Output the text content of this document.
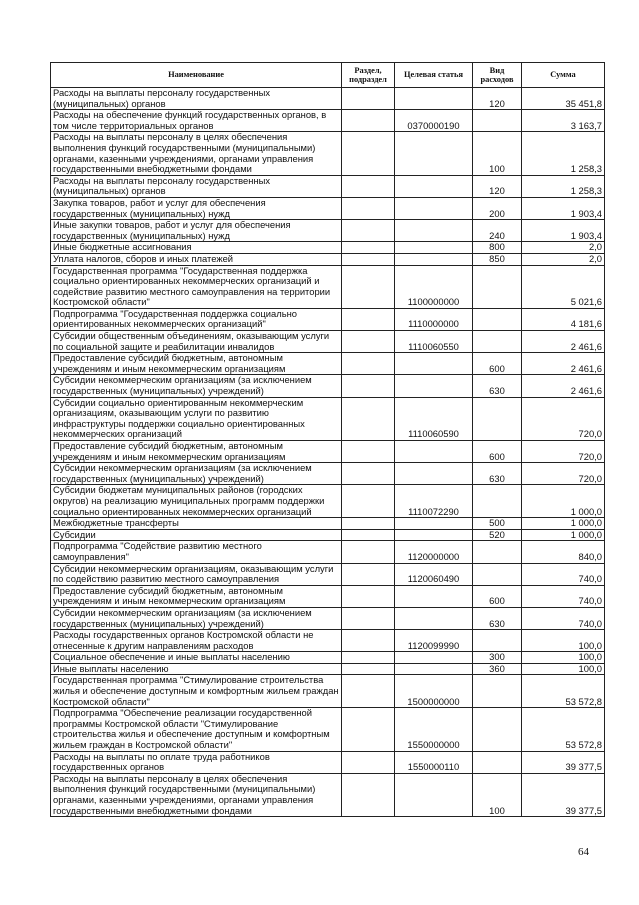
Наименование	Раздел, подраздел	Целевая статья	Вид расходов	Сумма
Расходы на выплаты персоналу государственных (муниципальных) органов			120	35 451,8
Расходы на обеспечение функций государственных органов, в том числе территориальных органов		0370000190		3 163,7
Расходы на выплаты персоналу в целях обеспечения выполнения функций государственными (муниципальными) органами, казенными учреждениями, органами управления государственными внебюджетными фондами			100	1 258,3
Расходы на выплаты персоналу государственных (муниципальных) органов			120	1 258,3
Закупка товаров, работ и услуг для обеспечения государственных (муниципальных) нужд			200	1 903,4
Иные закупки товаров, работ и услуг для обеспечения государственных (муниципальных) нужд			240	1 903,4
Иные бюджетные ассигнования			800	2,0
Уплата налогов, сборов и иных платежей			850	2,0
Государственная программа "Государственная поддержка социально ориентированных некоммерческих организаций и содействие развитию местного самоуправления на территории Костромской области"		1100000000		5 021,6
Подпрограмма "Государственная поддержка социально ориентированных некоммерческих организаций"		1110000000		4 181,6
Субсидии общественным объединениям, оказывающим услуги по социальной защите и реабилитации инвалидов		1110060550		2 461,6
Предоставление субсидий бюджетным, автономным учреждениям и иным некоммерческим организациям			600	2 461,6
Субсидии некоммерческим организациям (за исключением государственных (муниципальных) учреждений)			630	2 461,6
Субсидии социально ориентированным некоммерческим организациям, оказывающим услуги по развитию инфраструктуры поддержки социально ориентированных некоммерческих организаций		1110060590		720,0
Предоставление субсидий бюджетным, автономным учреждениям и иным некоммерческим организациям			600	720,0
Субсидии некоммерческим организациям (за исключением государственных (муниципальных) учреждений)			630	720,0
Субсидии бюджетам муниципальных районов (городских округов) на реализацию муниципальных программ поддержки социально ориентированных некоммерческих организаций		1110072290		1 000,0
Межбюджетные трансферты			500	1 000,0
Субсидии			520	1 000,0
Подпрограмма "Содействие развитию местного самоуправления"		1120000000		840,0
Субсидии некоммерческим организациям, оказывающим услуги по содействию развитию местного самоуправления		1120060490		740,0
Предоставление субсидий бюджетным, автономным учреждениям и иным некоммерческим организациям			600	740,0
Субсидии некоммерческим организациям (за исключением государственных (муниципальных) учреждений)			630	740,0
Расходы государственных органов Костромской области не отнесенные к другим направлениям расходов		1120099990		100,0
Социальное обеспечение и иные выплаты населению			300	100,0
Иные выплаты населению			360	100,0
Государственная программа "Стимулирование строительства жилья и обеспечение доступным и комфортным жильем граждан Костромской области"		1500000000		53 572,8
Подпрограмма "Обеспечение реализации государственной программы Костромской области "Стимулирование строительства жилья и обеспечение доступным и комфортным жильем граждан в Костромской области"		1550000000		53 572,8
Расходы на выплаты по оплате труда работников государственных органов		1550000110		39 377,5
Расходы на выплаты персоналу в целях обеспечения выполнения функций государственными (муниципальными) органами, казенными учреждениями, органами управления государственными внебюджетными фондами			100	39 377,5
64
